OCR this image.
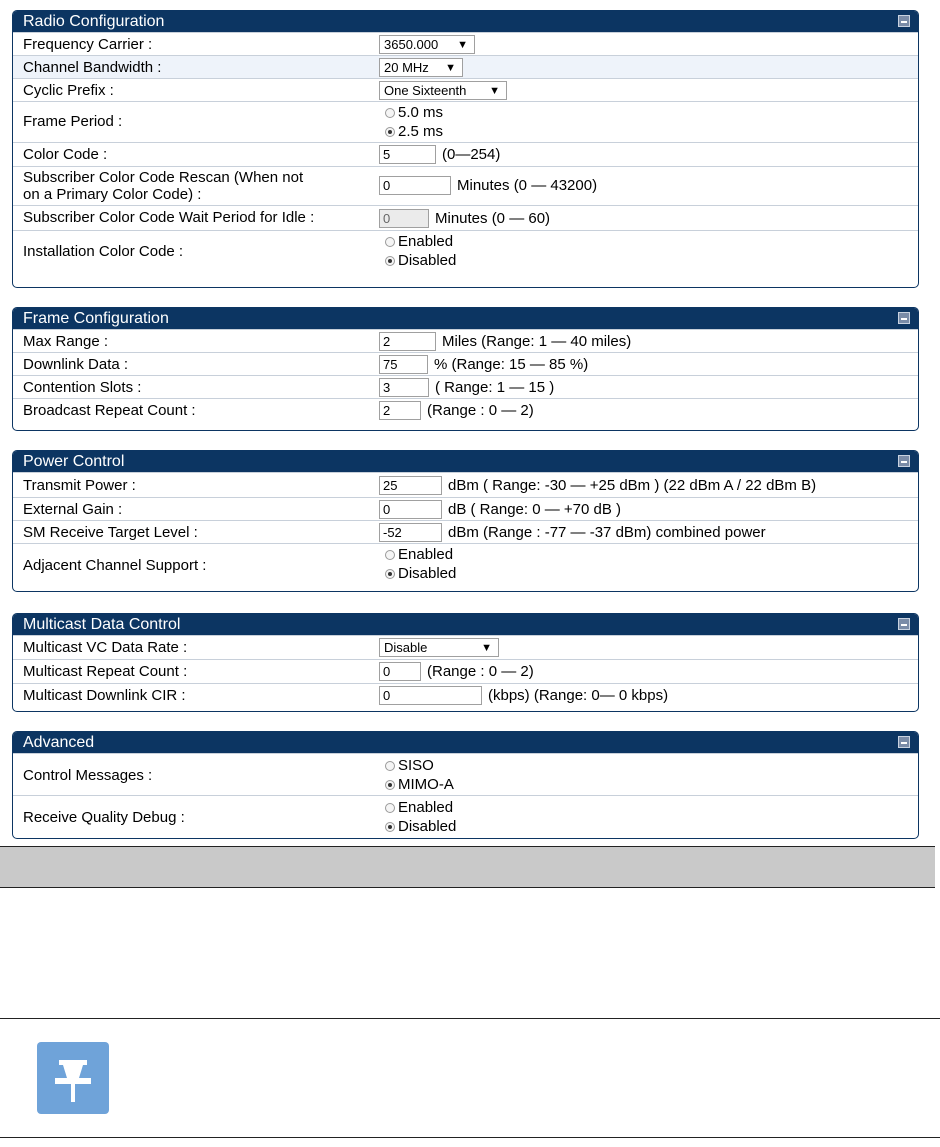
Radio Configuration
Frequency Carrier :	3650.000 ▼
Channel Bandwidth :	20 MHz ▼
Cyclic Prefix :	One Sixteenth ▼
Frame Period :
5.0 ms
2.5 ms
Color Code :	5	(0—254)
Subscriber Color Code Rescan (When not
on a Primary Color Code) :
0	Minutes (0 — 43200)
Subscriber Color Code Wait Period for Idle :	0	Minutes (0 — 60)
Installation Color Code :
Enabled
Disabled
Frame Configuration
Max Range :	2	Miles (Range: 1 — 40 miles)
Downlink Data :	75	% (Range: 15 — 85 %)
Contention Slots :	3	( Range: 1 — 15 )
Broadcast Repeat Count :	2	(Range : 0 — 2)
Power Control
Transmit Power :	25	dBm ( Range: -30 — +25 dBm ) (22 dBm A / 22 dBm B)
External Gain :	0	dB ( Range: 0 — +70 dB )
SM Receive Target Level :	-52	dBm (Range : -77 — -37 dBm) combined power
Adjacent Channel Support :
Enabled
Disabled
Multicast Data Control
Multicast VC Data Rate :	Disable	▼
Multicast Repeat Count :	0	(Range : 0 — 2)
Multicast Downlink CIR :	0	(kbps) (Range: 0— 0 kbps)
Advanced
Control Messages :
SISO
MIMO-A
Receive Quality Debug :
Enabled
Disabled
